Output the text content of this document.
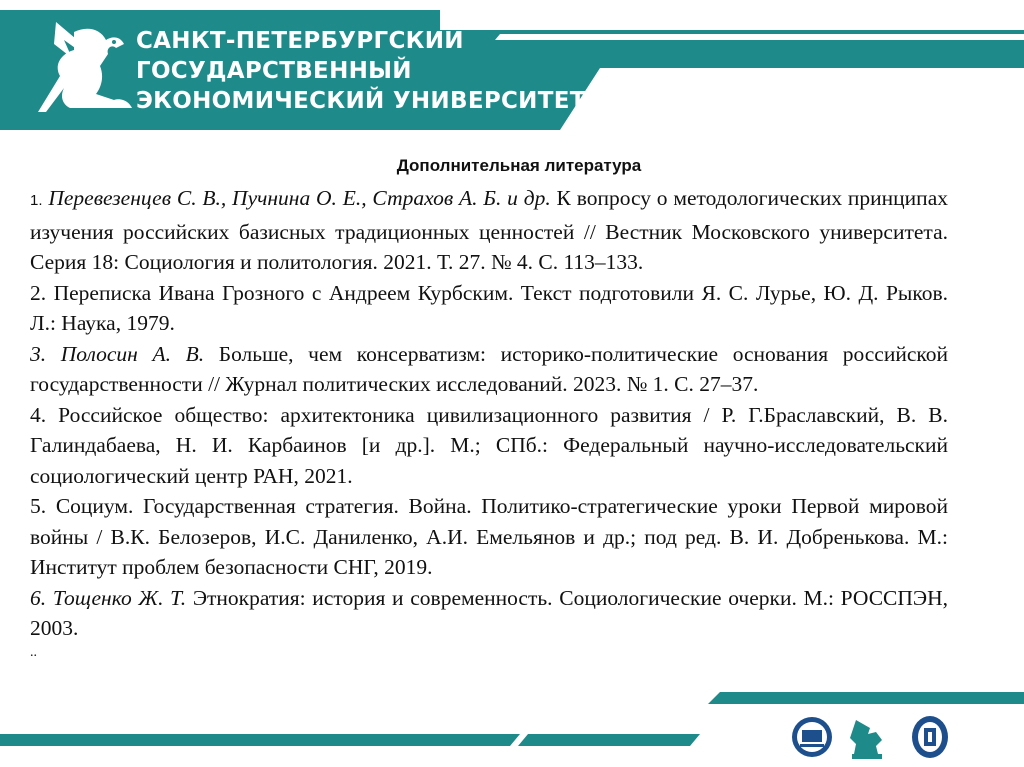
САНКТ-ПЕТЕРБУРГСКИЙ
ГОСУДАРСТВЕННЫЙ
ЭКОНОМИЧЕСКИЙ УНИВЕРСИТЕТ
Дополнительная литература

1. Перевезенцев С. В., Пучнина О. Е., Страхов А. Б. и др. К вопросу о методологических принципах изучения российских базисных традиционных ценностей // Вестник Московского университета. Серия 18: Социология и политология. 2021. Т. 27. № 4. С. 113–133.

2. Переписка Ивана Грозного с Андреем Курбским. Текст подготовили Я. С. Лурье, Ю. Д. Рыков. Л.: Наука, 1979.

3. Полосин А. В. Больше, чем консерватизм: историко-политические основания российской государственности // Журнал политических исследований. 2023. № 1. С. 27–37.

4. Российское общество: архитектоника цивилизационного развития / Р. Г.Браславский, В. В. Галиндабаева, Н. И. Карбаинов [и др.]. М.; СПб.: Федеральный научно-исследовательский социологический центр РАН, 2021.

5. Социум. Государственная стратегия. Война. Политико-стратегические уроки Первой мировой войны / В.К. Белозеров, И.С. Даниленко, А.И. Емельянов и др.; под ред. В. И. Добренькова. М.: Институт проблем безопасности СНГ, 2019.

6. Тощенко Ж. Т. Этнократия: история и современность. Социологические очерки. М.: РОССПЭН, 2003.

..
